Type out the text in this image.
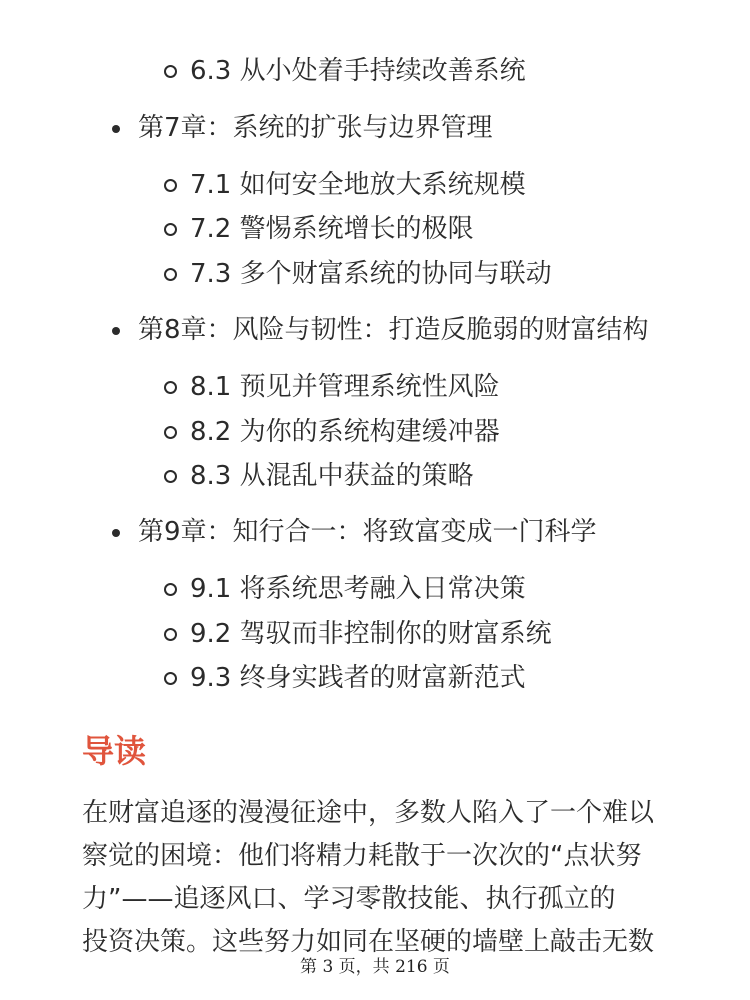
6.3 从小处着手持续改善系统
第7章：系统的扩张与边界管理
7.1 如何安全地放大系统规模
7.2 警惕系统增长的极限
7.3 多个财富系统的协同与联动
第8章：风险与韧性：打造反脆弱的财富结构
8.1 预见并管理系统性风险
8.2 为你的系统构建缓冲器
8.3 从混乱中获益的策略
第9章：知行合一：将致富变成一门科学
9.1 将系统思考融入日常决策
9.2 驾驭而非控制你的财富系统
9.3 终身实践者的财富新范式
导读
在财富追逐的漫漫征途中，多数人陷入了一个难以
察觉的困境：他们将精力耗散于一次次的“点状努
力”——追逐风口、学习零散技能、执行孤立的
投资决策。这些努力如同在坚硬的墙壁上敲击无数
第 3 页，共 216 页
